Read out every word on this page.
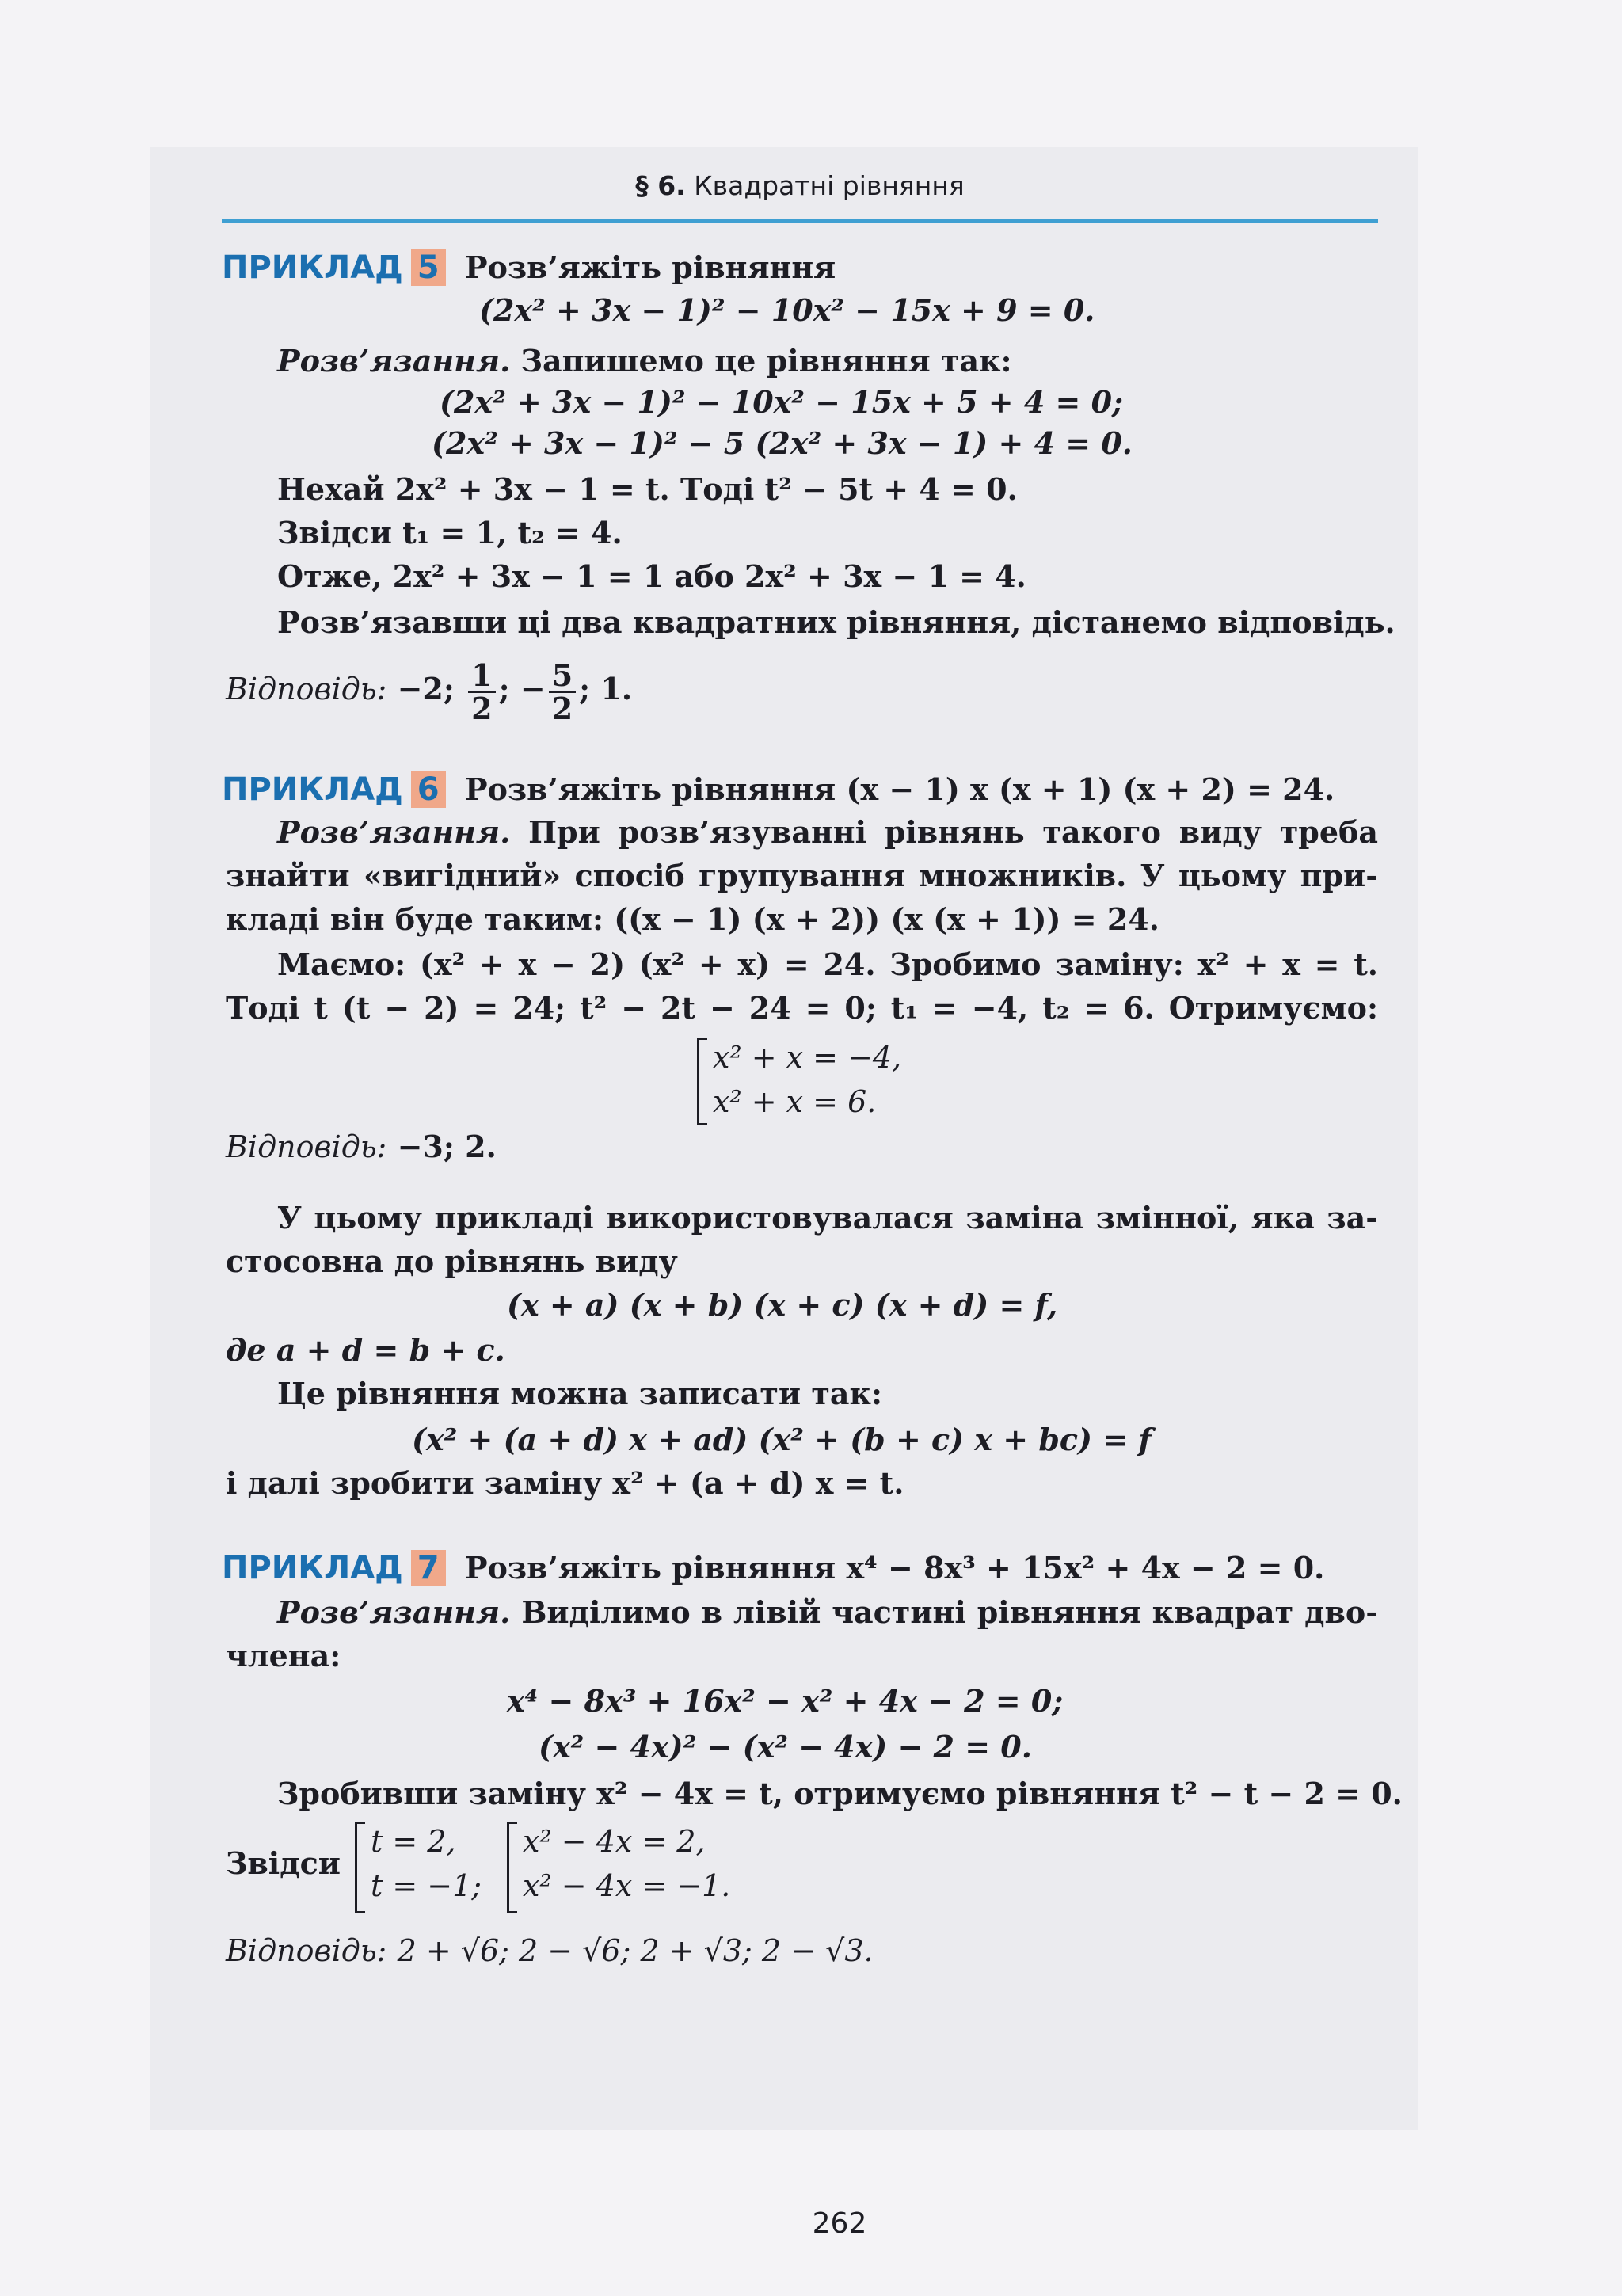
§ 6. Квадратні рівняння
ПРИКЛАД 5 Розв’яжіть рівняння
(2x² + 3x − 1)² − 10x² − 15x + 9 = 0.
Розв’язання. Запишемо це рівняння так:
(2x² + 3x − 1)² − 10x² − 15x + 5 + 4 = 0;
(2x² + 3x − 1)² − 5 (2x² + 3x − 1) + 4 = 0.
Нехай 2x² + 3x − 1 = t. Тоді t² − 5t + 4 = 0.
Звідси t₁ = 1, t₂ = 4.
Отже, 2x² + 3x − 1 = 1 або 2x² + 3x − 1 = 4.
Розв’язавши ці два квадратних рівняння, дістанемо відповідь.
Відповідь: −2; $\frac{1}{2}$ ; − $\frac{5}{2}$ ; 1.
ПРИКЛАД 6 Розв’яжіть рівняння (x − 1) x (x + 1) (x + 2) = 24.
Розв’язання. При розв’язуванні рівнянь такого виду треба
знайти «вигідний» спосіб групування множників. У цьому при-
кладі він буде таким: ((x − 1) (x + 2)) (x (x + 1)) = 24.
Маємо: (x² + x − 2) (x² + x) = 24. Зробимо заміну: x² + x = t.
Тоді t (t − 2) = 24; t² − 2t − 24 = 0; t₁ = −4, t₂ = 6. Отримуємо:
x² + x = −4,
x² + x = 6.
Відповідь: −3; 2.
У цьому прикладі використовувалася заміна змінної, яка за-
стосовна до рівнянь виду
(x + a) (x + b) (x + c) (x + d) = f,
де a + d = b + c.
Це рівняння можна записати так:
(x² + (a + d) x + ad) (x² + (b + c) x + bc) = f
і далі зробити заміну x² + (a + d) x = t.
ПРИКЛАД 7 Розв’яжіть рівняння x⁴ − 8x³ + 15x² + 4x − 2 = 0.
Розв’язання. Виділимо в лівій частині рівняння квадрат дво-
члена:
x⁴ − 8x³ + 16x² − x² + 4x − 2 = 0;
(x² − 4x)² − (x² − 4x) − 2 = 0.
Зробивши заміну x² − 4x = t, отримуємо рівняння t² − t − 2 = 0.
Звідси
t = 2,
t = −1;
x² − 4x = 2,
x² − 4x = −1.
Відповідь: 2 + √6; 2 − √6; 2 + √3; 2 − √3.
262
